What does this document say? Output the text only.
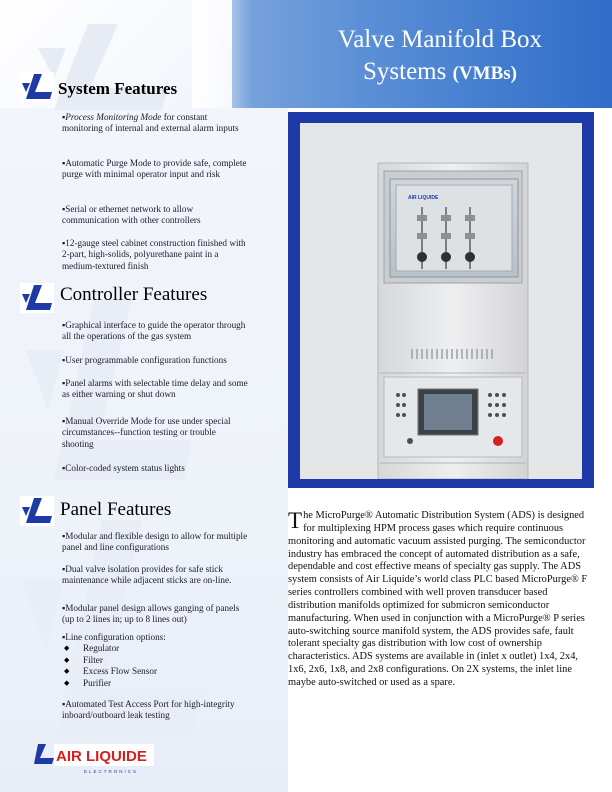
Valve Manifold Box
Systems (VMBs)
System Features
Controller Features
Panel Features
▪Process Monitoring Mode for constant monitoring of internal and external alarm inputs
▪Automatic Purge Mode to provide safe, complete purge with minimal operator input and risk
▪Serial or ethernet network to allow communication with other controllers
▪12-gauge steel cabinet construction finished with 2-part, high-solids, polyurethane paint in a medium-textured finish
▪Graphical interface to guide the operator through all the operations of the gas system
▪User programmable configuration functions
▪Panel alarms with selectable time delay and some as either warning or shut down
▪Manual Override Mode for use under special circumstances--function testing or trouble shooting
▪Color-coded system status lights
▪Modular and flexible design to allow for multiple panel and line configurations
▪Dual valve isolation provides for safe stick maintenance while adjacent sticks are on-line.
▪Modular panel design allows ganging of panels (up to 2 lines in; up to 8 lines out)
▪Line configuration options:
◆ Regulator
◆ Filter
◆ Excess Flow Sensor
◆ Purifier
▪Automated Test Access Port for high-integrity inboard/outboard leak testing
AIR LIQUIDE
The MicroPurge® Automatic Distribution System (ADS) is designed for multiplexing HPM process gases which require continuous monitoring and automatic vacuum assisted purging. The semiconductor industry has embraced the concept of automated distribution as a safe, dependable and cost effective means of specialty gas supply. The ADS system consists of Air Liquide’s world class PLC based MicroPurge® F series controllers combined with well proven transducer based distribution manifolds optimized for submicron semiconductor manufacturing. When used in conjunction with a MicroPurge® P series auto-switching source manifold system, the ADS provides safe, fault tolerant specialty gas distribution with low cost of ownership characteristics. ADS systems are available in (inlet x outlet) 1x4, 2x4, 1x6, 2x6, 1x8, and 2x8 configurations. On 2X systems, the inlet line maybe auto-switched or used as a spare.
AIR LIQUIDE
ELECTRONICS
